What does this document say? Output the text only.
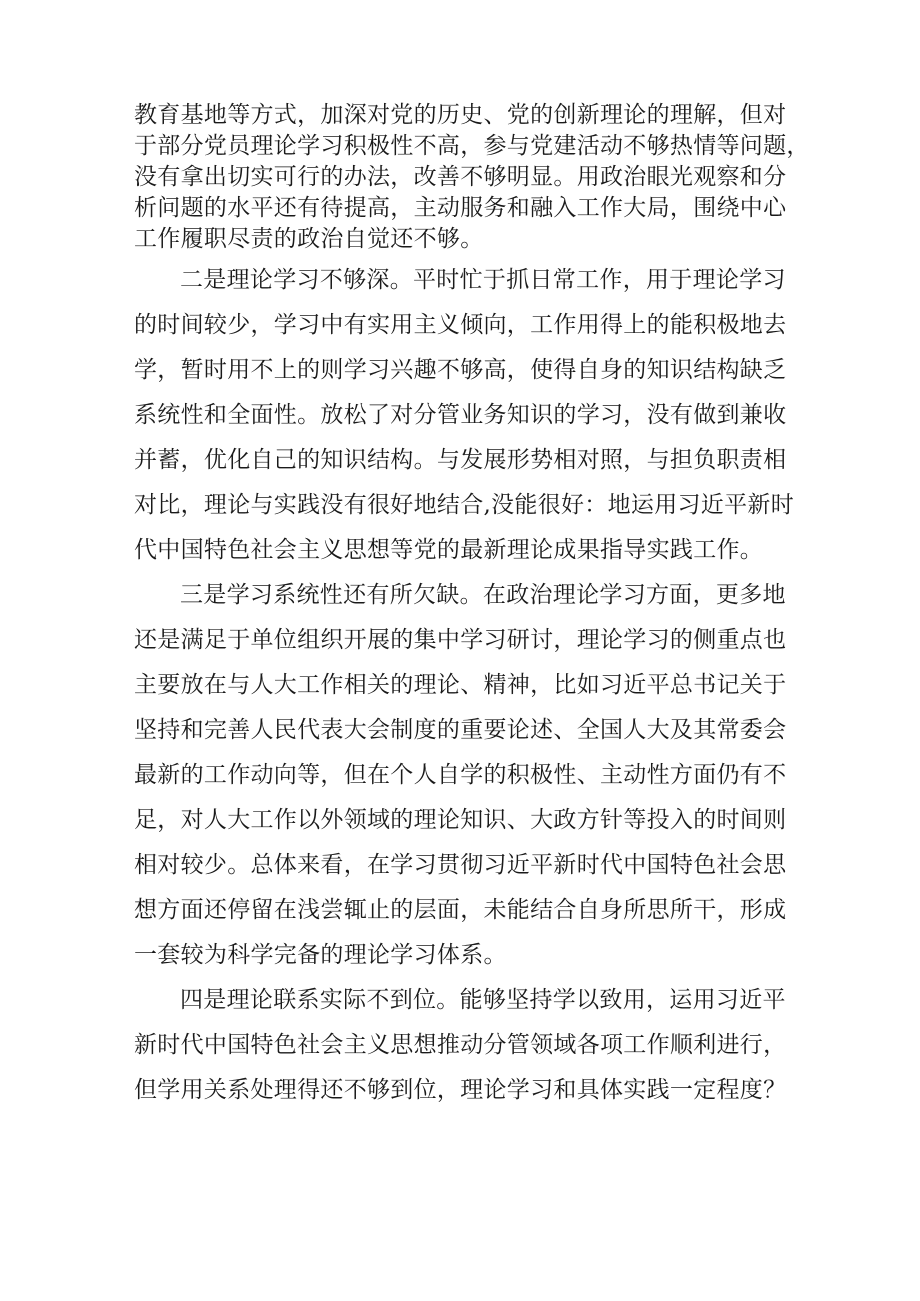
教育基地等方式，加深对党的历史、党的创新理论的理解，但对
于部分党员理论学习积极性不高，参与党建活动不够热情等问题，
没有拿出切实可行的办法，改善不够明显。用政治眼光观察和分
析问题的水平还有待提高，主动服务和融入工作大局，围绕中心
工作履职尽责的政治自觉还不够。
二是理论学习不够深。平时忙于抓日常工作，用于理论学习
的时间较少，学习中有实用主义倾向，工作用得上的能积极地去
学，暂时用不上的则学习兴趣不够高，使得自身的知识结构缺乏
系统性和全面性。放松了对分管业务知识的学习，没有做到兼收
并蓄，优化自己的知识结构。与发展形势相对照，与担负职责相
对比，理论与实践没有很好地结合,没能很好：地运用习近平新时
代中国特色社会主义思想等党的最新理论成果指导实践工作。
三是学习系统性还有所欠缺。在政治理论学习方面，更多地
还是满足于单位组织开展的集中学习研讨，理论学习的侧重点也
主要放在与人大工作相关的理论、精神，比如习近平总书记关于
坚持和完善人民代表大会制度的重要论述、全国人大及其常委会
最新的工作动向等，但在个人自学的积极性、主动性方面仍有不
足，对人大工作以外领域的理论知识、大政方针等投入的时间则
相对较少。总体来看，在学习贯彻习近平新时代中国特色社会思
想方面还停留在浅尝辄止的层面，未能结合自身所思所干，形成
一套较为科学完备的理论学习体系。
四是理论联系实际不到位。能够坚持学以致用，运用习近平
新时代中国特色社会主义思想推动分管领域各项工作顺利进行，
但学用关系处理得还不够到位，理论学习和具体实践一定程度？
